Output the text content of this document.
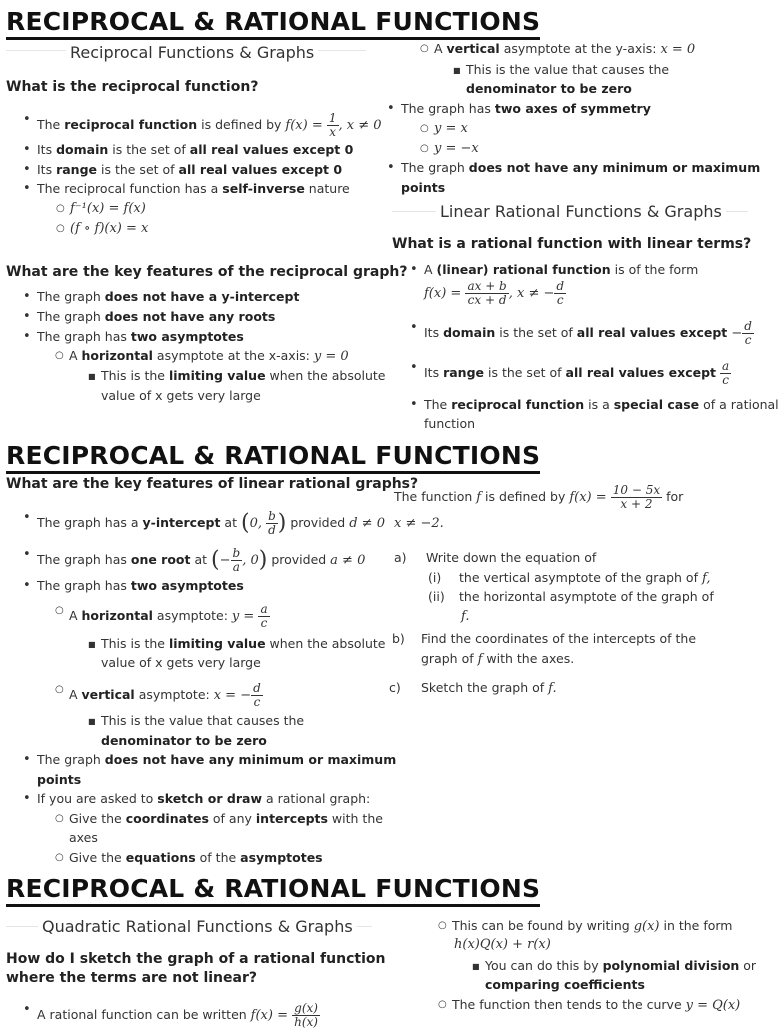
RECIPROCAL & RATIONAL FUNCTIONS
Reciprocal Functions & Graphs
What is the reciprocal function?
• The reciprocal function is defined by $f(x) = \frac{1}{x}$ , x ≠ 0
• Its domain is the set of all real values except 0
• Its range is the set of all real values except 0
• The reciprocal function has a self-inverse nature
○ f⁻¹(x) = f(x)
○ (f ∘ f)(x) = x
What are the key features of the reciprocal graph?
• The graph does not have a y-intercept
• The graph does not have any roots
• The graph has two asymptotes
○ A horizontal asymptote at the x-axis: y = 0
■ This is the limiting value when the absolute
value of x gets very large
○ A vertical asymptote at the y-axis: x = 0
■ This is the value that causes the
denominator to be zero
• The graph has two axes of symmetry
○ y = x
○ y = −x
• The graph does not have any minimum or maximum
points
Linear Rational Functions & Graphs
What is a rational function with linear terms?
• A (linear) rational function is of the form
$f(x) = \frac{ax + b}{cx + d}$ , x ≠ − $\frac{d}{c}$
• Its domain is the set of all real values except − $\frac{d}{c}$
• Its range is the set of all real values except $\frac{a}{c}$
• The reciprocal function is a special case of a rational
function
RECIPROCAL & RATIONAL FUNCTIONS
What are the key features of linear rational graphs?
• The graph has a y-intercept at (0, $\frac{b}{d}$ ) provided d ≠ 0
• The graph has one root at (− $\frac{b}{a}$ , 0) provided a ≠ 0
• The graph has two asymptotes
○ A horizontal asymptote: $y = \frac{a}{c}$
■ This is the limiting value when the absolute
value of x gets very large
○ A vertical asymptote: x = − $\frac{d}{c}$
■ This is the value that causes the
denominator to be zero
• The graph does not have any minimum or maximum
points
• If you are asked to sketch or draw a rational graph:
○ Give the coordinates of any intercepts with the
axes
○ Give the equations of the asymptotes
The function f is defined by $f(x) = \frac{10 - 5x}{x + 2}$ for
x ≠ −2.
a) Write down the equation of
(i) the vertical asymptote of the graph of f,
(ii) the horizontal asymptote of the graph of
f.
b) Find the coordinates of the intercepts of the
graph of f with the axes.
c) Sketch the graph of f.
RECIPROCAL & RATIONAL FUNCTIONS
Quadratic Rational Functions & Graphs
How do I sketch the graph of a rational function
where the terms are not linear?
• A rational function can be written $f(x) = \frac{g(x)}{h(x)}$
○ This can be found by writing g(x) in the form
h(x)Q(x) + r(x)
■ You can do this by polynomial division or
comparing coefficients
○ The function then tends to the curve y = Q(x)
